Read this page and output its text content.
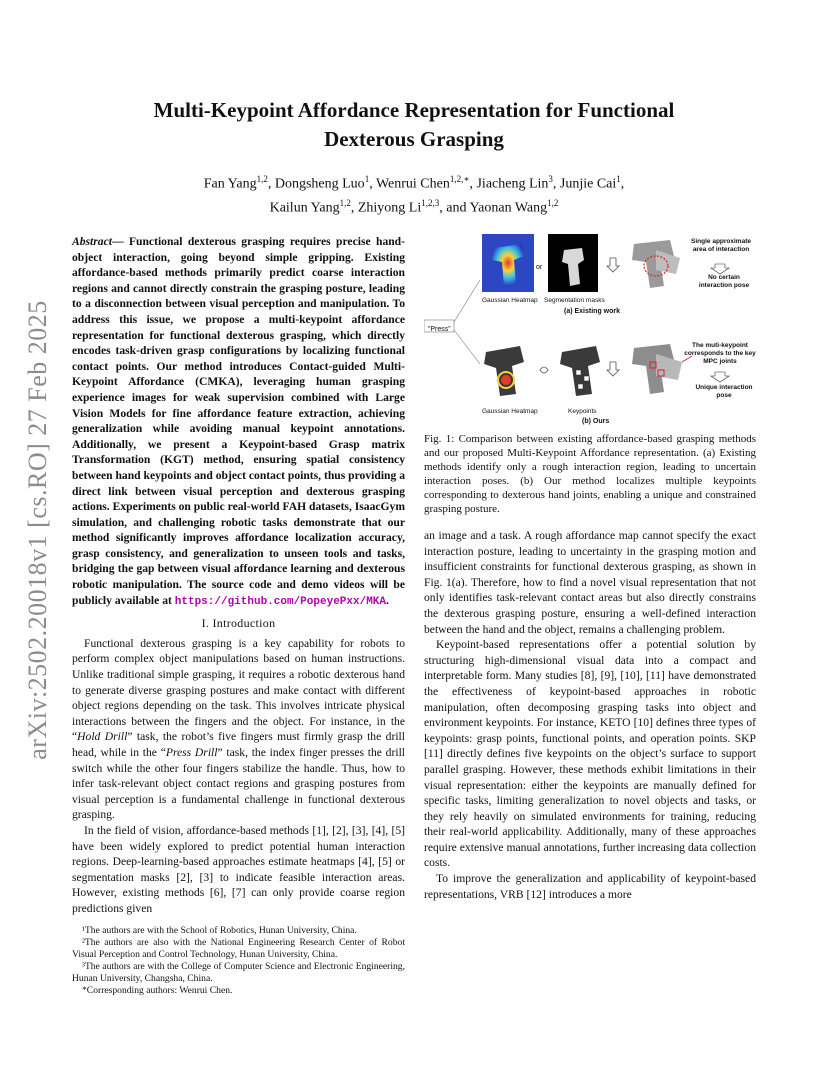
arXiv:2502.20018v1 [cs.RO] 27 Feb 2025
Multi-Keypoint Affordance Representation for Functional
Dexterous Grasping
Fan Yang$^{1,2}$, Dongsheng Luo$^1$, Wenrui Chen$^{1,2,∗}$, Jiacheng Lin$^3$, Junjie Cai$^1$,
Kailun Yang$^{1,2}$, Zhiyong Li$^{1,2,3}$, and Yaonan Wang$^{1,2}$
Abstract— Functional dexterous grasping requires precise hand-object interaction, going beyond simple gripping. Existing affordance-based methods primarily predict coarse interaction regions and cannot directly constrain the grasping posture, leading to a disconnection between visual perception and manipulation. To address this issue, we propose a multi-keypoint affordance representation for functional dexterous grasping, which directly encodes task-driven grasp configurations by localizing functional contact points. Our method introduces Contact-guided Multi-Keypoint Affordance (CMKA), leveraging human grasping experience images for weak supervision combined with Large Vision Models for fine affordance feature extraction, achieving generalization while avoiding manual keypoint annotations. Additionally, we present a Keypoint-based Grasp matrix Transformation (KGT) method, ensuring spatial consistency between hand keypoints and object contact points, thus providing a direct link between visual perception and dexterous grasping actions. Experiments on public real-world FAH datasets, IsaacGym simulation, and challenging robotic tasks demonstrate that our method significantly improves affordance localization accuracy, grasp consistency, and generalization to unseen tools and tasks, bridging the gap between visual affordance learning and dexterous robotic manipulation. The source code and demo videos will be publicly available at https://github.com/PopeyePxx/MKA.
I. Introduction

Functional dexterous grasping is a key capability for robots to perform complex object manipulations based on human instructions. Unlike traditional simple grasping, it requires a robotic dexterous hand to generate diverse grasping postures and make contact with different object regions depending on the task. This involves intricate physical interactions between the fingers and the object. For instance, in the “Hold Drill” task, the robot’s five fingers must firmly grasp the drill head, while in the “Press Drill” task, the index finger presses the drill switch while the other four fingers stabilize the handle. Thus, how to infer task-relevant object contact regions and grasping postures from visual perception is a fundamental challenge in functional dexterous grasping.

In the field of vision, affordance-based methods [1], [2], [3], [4], [5] have been widely explored to predict potential human interaction regions. Deep-learning-based approaches estimate heatmaps [4], [5] or segmentation masks [2], [3] to indicate feasible interaction areas. However, existing methods [6], [7] can only provide coarse region predictions given

¹The authors are with the School of Robotics, Hunan University, China.

²The authors are also with the National Engineering Research Center of Robot Visual Perception and Control Technology, Hunan University, China.

³The authors are with the College of Computer Science and Electronic Engineering, Hunan University, Changsha, China.

*Corresponding authors: Wenrui Chen.

“Press”
or
Gaussian Heatmap Segmentation masks
(a) Existing work
Single approximate area of interaction
No certain interaction pose
Gaussian Heatmap	Keypoints
(b) Ours
The muti-keypoint corresponds to the key MPC joints
Unique interaction pose
Fig. 1: Comparison between existing affordance-based grasping methods and our proposed Multi-Keypoint Affordance representation. (a) Existing methods identify only a rough interaction region, leading to uncertain interaction poses. (b) Our method localizes multiple keypoints corresponding to dexterous hand joints, enabling a unique and constrained grasping posture.

an image and a task. A rough affordance map cannot specify the exact interaction posture, leading to uncertainty in the grasping motion and insufficient constraints for functional dexterous grasping, as shown in Fig. 1(a). Therefore, how to find a novel visual representation that not only identifies task-relevant contact areas but also directly constrains the dexterous grasping posture, ensuring a well-defined interaction between the hand and the object, remains a challenging problem.

Keypoint-based representations offer a potential solution by structuring high-dimensional visual data into a compact and interpretable form. Many studies [8], [9], [10], [11] have demonstrated the effectiveness of keypoint-based approaches in robotic manipulation, often decomposing grasping tasks into object and environment keypoints. For instance, KETO [10] defines three types of keypoints: grasp points, functional points, and operation points. SKP [11] directly defines five keypoints on the object’s surface to support parallel grasping. However, these methods exhibit limitations in their visual representation: either the keypoints are manually defined for specific tasks, limiting generalization to novel objects and tasks, or they rely heavily on simulated environments for training, reducing their real-world applicability. Additionally, many of these approaches require extensive manual annotations, further increasing data collection costs.

To improve the generalization and applicability of keypoint-based representations, VRB [12] introduces a more
